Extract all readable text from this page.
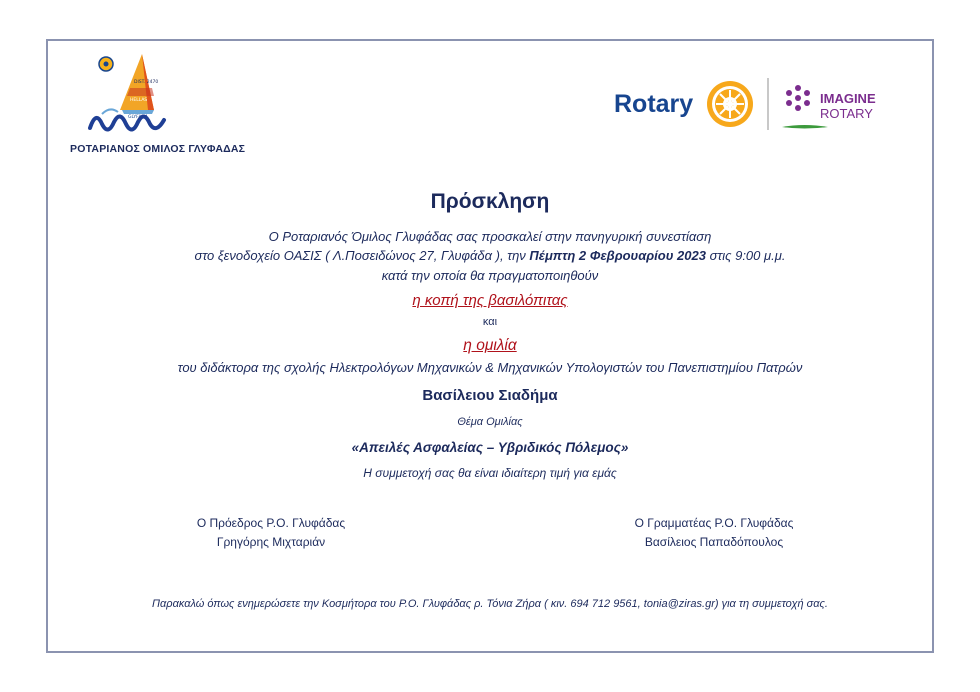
DIST. 2470
HELLAS
GLYFADA
ΡΟΤΑΡΙΑΝΟΣ ΟΜΙΛΟΣ ΓΛΥΦΑΔΑΣ
Rotary	IMAGINE
ROTARY
Πρόσκληση
Ο Ροταριανός Όμιλος Γλυφάδας σας προσκαλεί στην πανηγυρική συνεστίαση
στο ξενοδοχείο ΟΑΣΙΣ ( Λ.Ποσειδώνος 27, Γλυφάδα ), την Πέμπτη 2 Φεβρουαρίου 2023 στις 9:00 μ.μ.
κατά την οποία θα πραγματοποιηθούν
η κοπή της βασιλόπιτας
και
η ομιλία
του διδάκτορα της σχολής Ηλεκτρολόγων Μηχανικών & Μηχανικών Υπολογιστών του Πανεπιστημίου Πατρών
Βασίλειου Σιαδήμα
Θέμα Ομιλίας
«Απειλές Ασφαλείας – Υβριδικός Πόλεμος»
Η συμμετοχή σας θα είναι ιδιαίτερη τιμή για εμάς
Ο Πρόεδρος Ρ.Ο. Γλυφάδας
Γρηγόρης Μιχταριάν
Ο Γραμματέας Ρ.Ο. Γλυφάδας
Βασίλειος Παπαδόπουλος
Παρακαλώ όπως ενημερώσετε την Κοσμήτορα του Ρ.Ο. Γλυφάδας ρ. Τόνια Ζήρα ( κιν. 694 712 9561, tonia@ziras.gr) για τη συμμετοχή σας.
